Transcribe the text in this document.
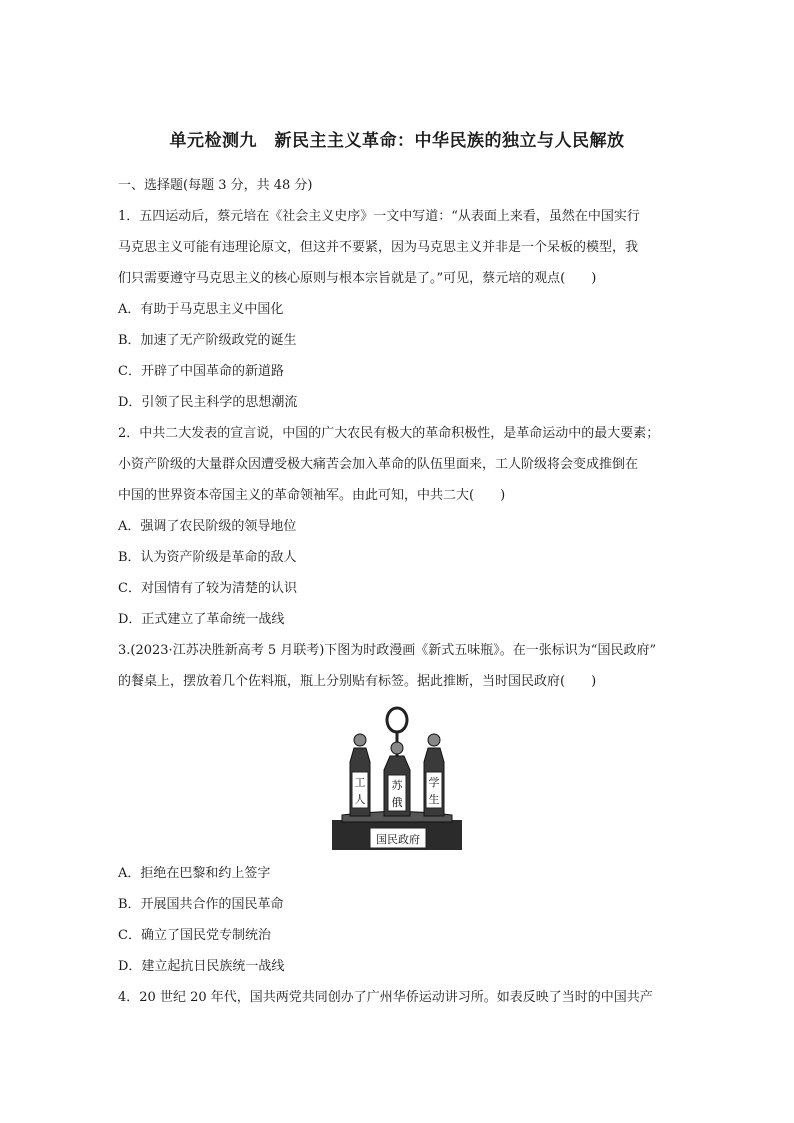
单元检测九　新民主主义革命：中华民族的独立与人民解放
一、选择题(每题 3 分，共 48 分)
1．五四运动后，蔡元培在《社会主义史序》一文中写道：“从表面上来看，虽然在中国实行
马克思主义可能有违理论原文，但这并不要紧，因为马克思主义并非是一个呆板的模型，我
们只需要遵守马克思主义的核心原则与根本宗旨就是了。”可见，蔡元培的观点(　　)
A．有助于马克思主义中国化
B．加速了无产阶级政党的诞生
C．开辟了中国革命的新道路
D．引领了民主科学的思想潮流
2．中共二大发表的宣言说，中国的广大农民有极大的革命积极性，是革命运动中的最大要素；
小资产阶级的大量群众因遭受极大痛苦会加入革命的队伍里面来，工人阶级将会变成推倒在
中国的世界资本帝国主义的革命领袖军。由此可知，中共二大(　　)
A．强调了农民阶级的领导地位
B．认为资产阶级是革命的敌人
C．对国情有了较为清楚的认识
D．正式建立了革命统一战线
3.(2023·江苏决胜新高考 5 月联考)下图为时政漫画《新式五味瓶》。在一张标识为“国民政府”
的餐桌上，摆放着几个佐料瓶，瓶上分别贴有标签。据此推断，当时国民政府(　　)
国民政府
工
人
苏
俄
学
生
A．拒绝在巴黎和约上签字
B．开展国共合作的国民革命
C．确立了国民党专制统治
D．建立起抗日民族统一战线
4．20 世纪 20 年代，国共两党共同创办了广州华侨运动讲习所。如表反映了当时的中国共产
